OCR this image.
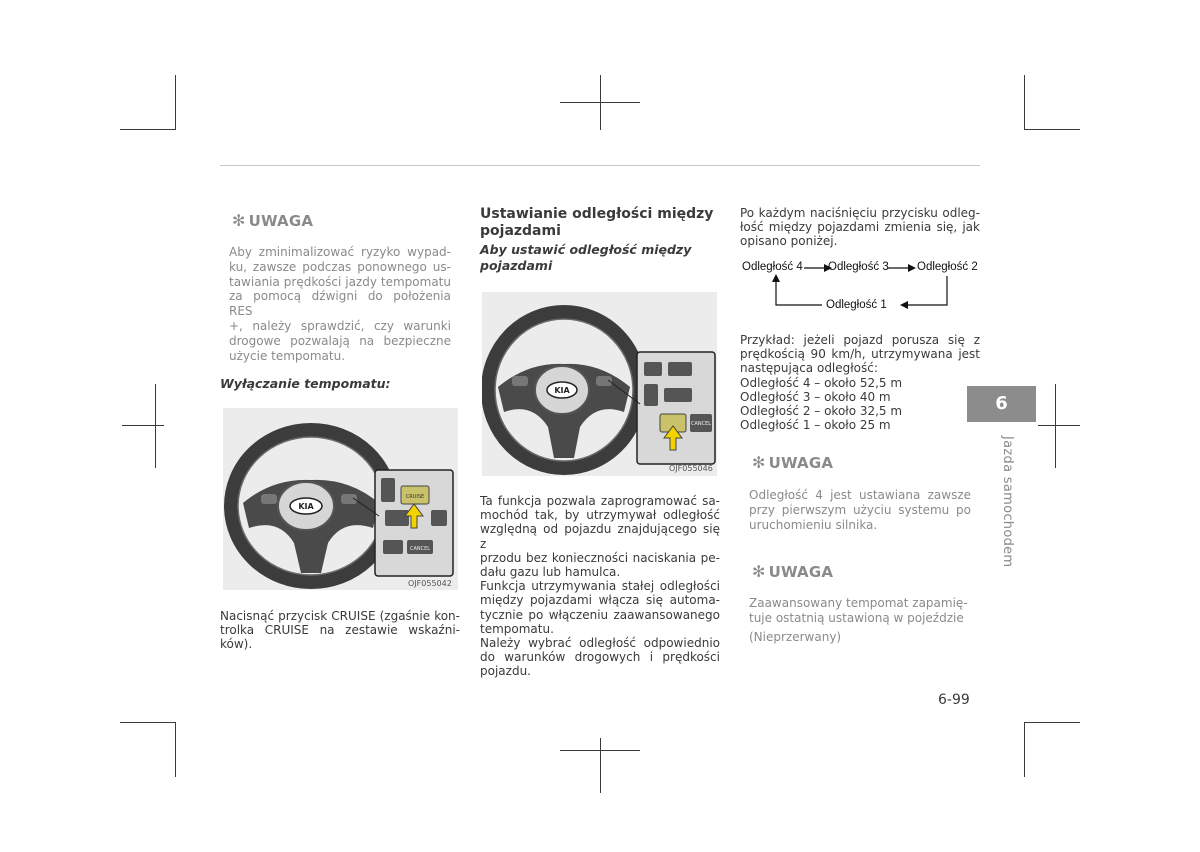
✻ UWAGA
Aby zminimalizować ryzyko wypad-
ku, zawsze podczas ponownego us-
tawiania prędkości jazdy tempomatu
za pomocą dźwigni do położenia RES
+, należy sprawdzić, czy warunki
drogowe pozwalają na bezpieczne
użycie tempomatu.
Wyłączanie tempomatu:
KIA
CRUISE
CANCEL
OJF055042
Nacisnąć przycisk CRUISE (zgaśnie kon-
trolka CRUISE na zestawie wskaźni-
ków).
Ustawianie odległości między
pojazdami
Aby ustawić odległość między
pojazdami
KIA
CANCEL
OJF055046
Ta funkcja pozwala zaprogramować sa-
mochód tak, by utrzymywał odległość
względną od pojazdu znajdującego się z
przodu bez konieczności naciskania pe-
dału gazu lub hamulca.
Funkcja utrzymywania stałej odległości
między pojazdami włącza się automa-
tycznie po włączeniu zaawansowanego
tempomatu.
Należy wybrać odległość odpowiednio
do warunków drogowych i prędkości
pojazdu.
Po każdym naciśnięciu przycisku odleg-
łość między pojazdami zmienia się, jak
opisano poniżej.
Odległość 4 Odległość 3 Odległość 2
Odległość 1
Przykład: jeżeli pojazd porusza się z
prędkością 90 km/h, utrzymywana jest
następująca odległość:
Odległość 4 – około 52,5 m
Odległość 3 – około 40 m
Odległość 2 – około 32,5 m
Odległość 1 – około 25 m
✻ UWAGA
Odległość 4 jest ustawiana zawsze
przy pierwszym użyciu systemu po
uruchomieniu silnika.
✻ UWAGA
Zaawansowany tempomat zapamię-
tuje ostatnią ustawioną w pojeździe
(Nieprzerwany)
6
Jazda samochodem
6-99
